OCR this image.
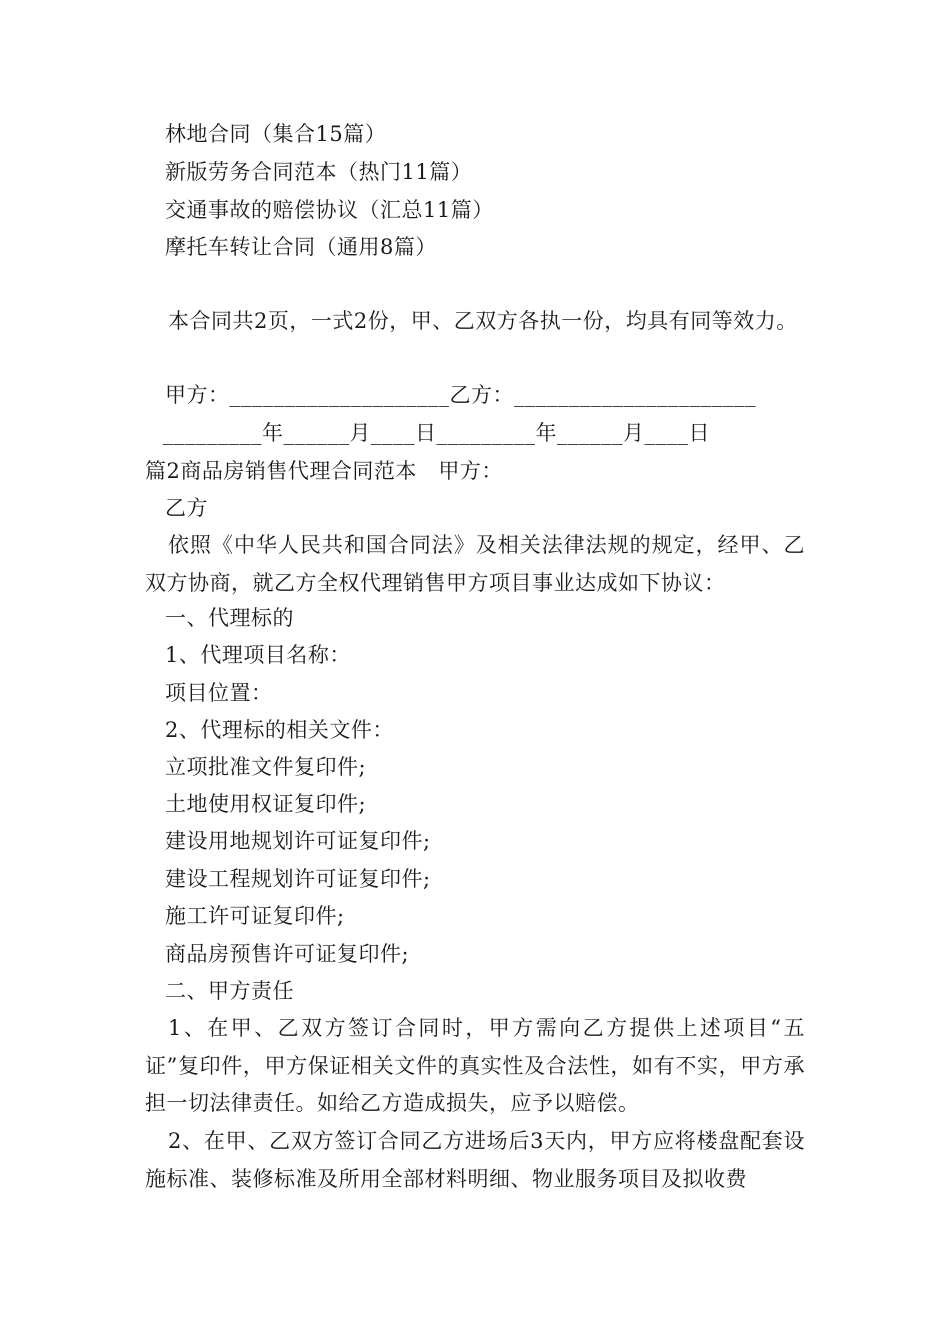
林地合同（集合15篇）
新版劳务合同范本（热门11篇）
交通事故的赔偿协议（汇总11篇）
摩托车转让合同（通用8篇）
本合同共2页，一式2份，甲、乙双方各执一份，均具有同等效力。
甲方：____________________乙方：______________________
_________年______月____日_________年______月____日
篇2商品房销售代理合同范本　甲方：
乙方
依照《中华人民共和国合同法》及相关法律法规的规定，经甲、乙双方协商，就乙方全权代理销售甲方项目事业达成如下协议：
一、代理标的
1、代理项目名称：
项目位置：
2、代理标的相关文件：
立项批准文件复印件;
土地使用权证复印件;
建设用地规划许可证复印件;
建设工程规划许可证复印件;
施工许可证复印件;
商品房预售许可证复印件;
二、甲方责任
1、在甲、乙双方签订合同时，甲方需向乙方提供上述项目“五证”复印件，甲方保证相关文件的真实性及合法性，如有不实，甲方承担一切法律责任。如给乙方造成损失，应予以赔偿。
2、在甲、乙双方签订合同乙方进场后3天内，甲方应将楼盘配套设施标准、装修标准及所用全部材料明细、物业服务项目及拟收费
